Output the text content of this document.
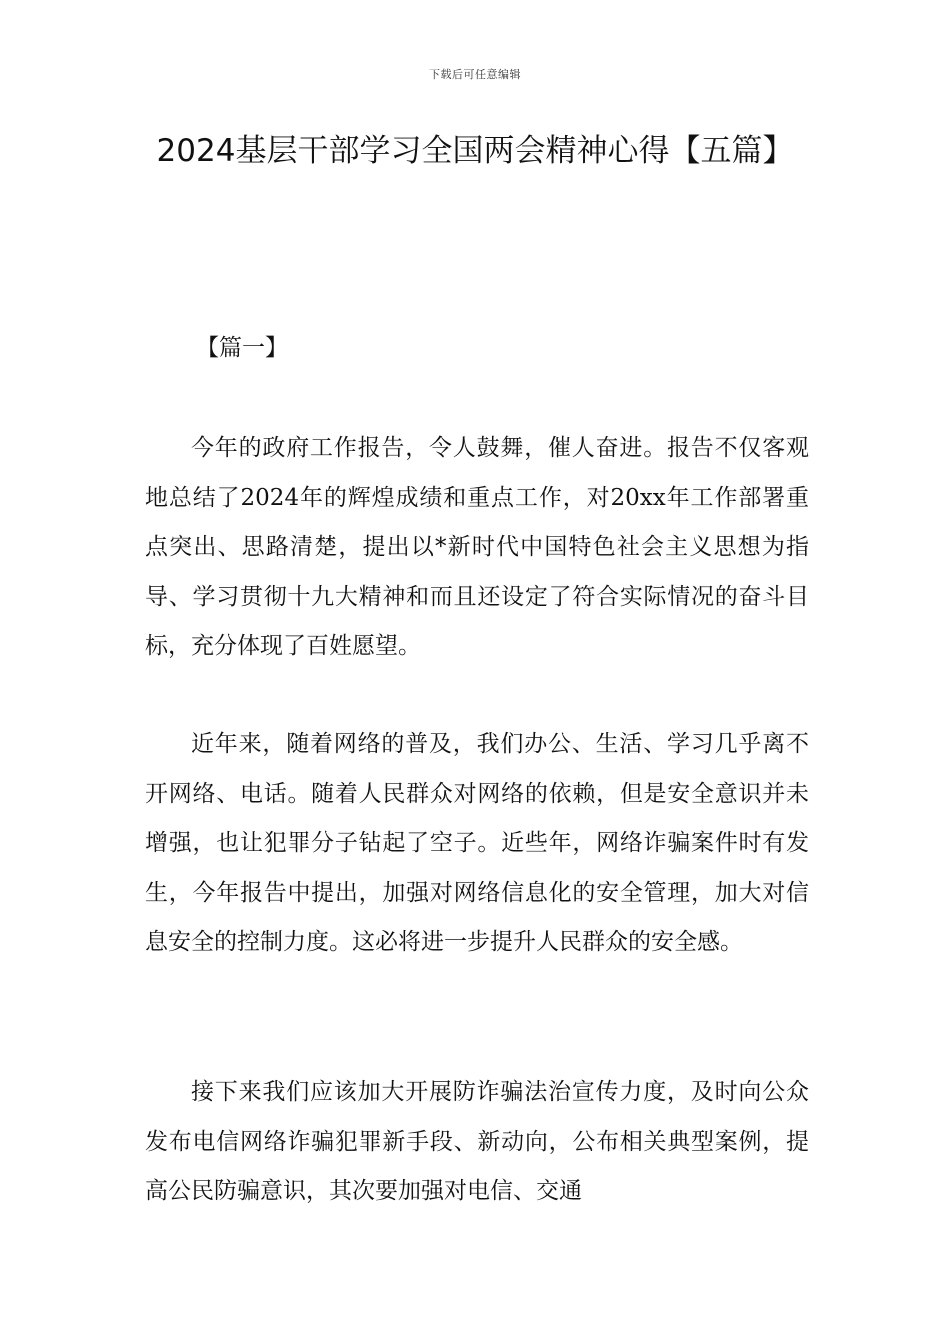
下载后可任意编辑
2024基层干部学习全国两会精神心得【五篇】

【篇一】

今年的政府工作报告，令人鼓舞，催人奋进。报告不仅客观地总结了2024年的辉煌成绩和重点工作，对20xx年工作部署重点突出、思路清楚，提出以*新时代中国特色社会主义思想为指导、学习贯彻十九大精神和而且还设定了符合实际情况的奋斗目标，充分体现了百姓愿望。

近年来，随着网络的普及，我们办公、生活、学习几乎离不开网络、电话。随着人民群众对网络的依赖，但是安全意识并未增强，也让犯罪分子钻起了空子。近些年，网络诈骗案件时有发生，今年报告中提出，加强对网络信息化的安全管理，加大对信息安全的控制力度。这必将进一步提升人民群众的安全感。

接下来我们应该加大开展防诈骗法治宣传力度，及时向公众发布电信网络诈骗犯罪新手段、新动向，公布相关典型案例，提高公民防骗意识，其次要加强对电信、交通
